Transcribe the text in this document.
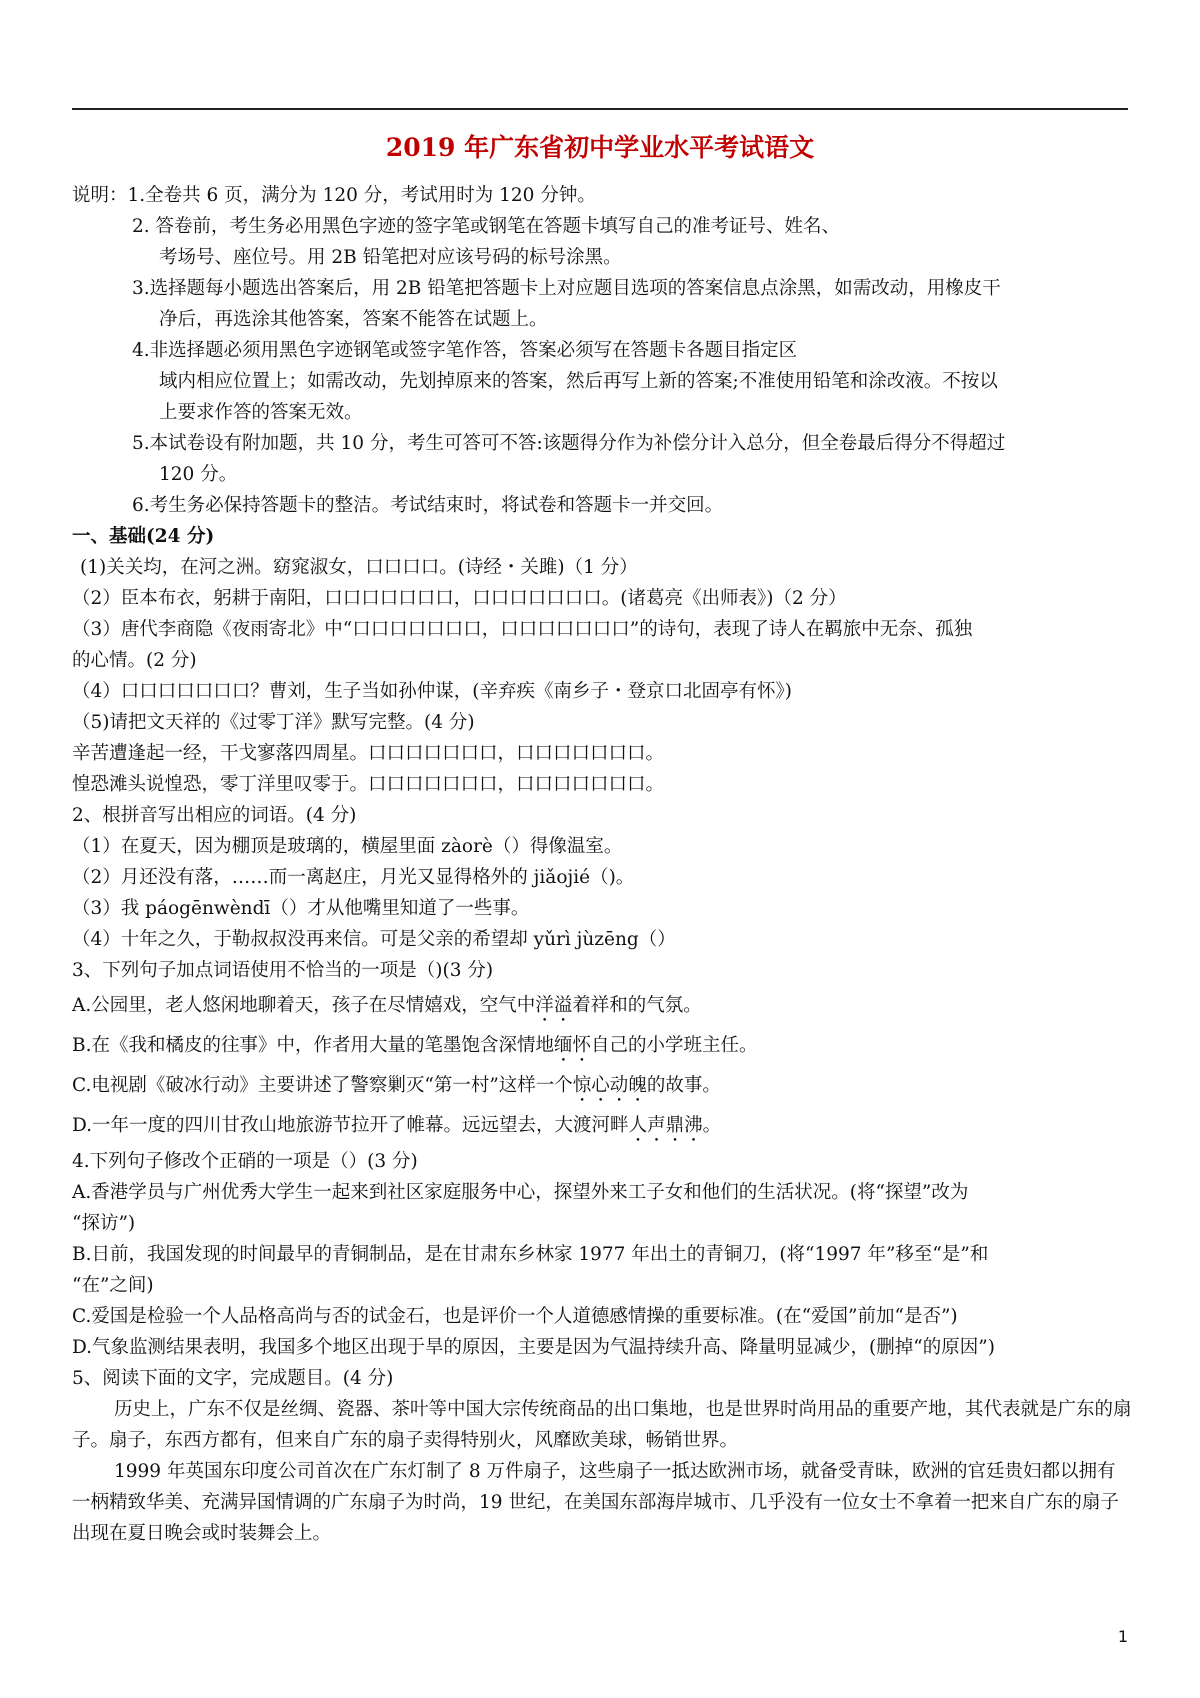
2019 年广东省初中学业水平考试语文
说明：1.全卷共 6 页，满分为 120 分，考试用时为 120 分钟。
2. 答卷前，考生务必用黑色字迹的签字笔或钢笔在答题卡填写自己的准考证号、姓名、
考场号、座位号。用 2B 铅笔把对应该号码的标号涂黑。
3.选择题每小题选出答案后，用 2B 铅笔把答题卡上对应题目选项的答案信息点涂黑，如需改动，用橡皮干
净后，再选涂其他答案，答案不能答在试题上。
4.非选择题必须用黑色字迹钢笔或签字笔作答，答案必须写在答题卡各题目指定区
域内相应位置上；如需改动，先划掉原来的答案，然后再写上新的答案;不准使用铅笔和涂改液。不按以
上要求作答的答案无效。
5.本试卷设有附加题，共 10 分，考生可答可不答:该题得分作为补偿分计入总分，但全卷最后得分不得超过
120 分。
6.考生务必保持答题卡的整洁。考试结束时，将试卷和答题卡一并交回。
一、基础(24 分)
(1)关关均，在河之洲。窈窕淑女，口口口口。(诗经・关雎)（1 分）
（2）臣本布衣，躬耕于南阳，口口口口口口口，口口口口口口口。(诸葛亮《出师表》)（2 分）
（3）唐代李商隐《夜雨寄北》中“口口口口口口口，口口口口口口口”的诗句，表现了诗人在羁旅中无奈、孤独
的心情。(2 分)
（4）口口口口口口口？曹刘，生子当如孙仲谋，(辛弃疾《南乡子・登京口北固亭有怀》)
（5)请把文天祥的《过零丁洋》默写完整。(4 分)
辛苦遭逢起一经，干戈寥落四周星。口口口口口口口，口口口口口口口。
惶恐滩头说惶恐，零丁洋里叹零于。口口口口口口口，口口口口口口口。
2、根拼音写出相应的词语。(4 分)
（1）在夏天，因为棚顶是玻璃的，横屋里面 zàorè（）得像温室。
（2）月还没有落，……而一离赵庄，月光又显得格外的 jiǎojié（)。
（3）我 páogēnwèndī（）才从他嘴里知道了一些事。
（4）十年之久，于勒叔叔没再来信。可是父亲的希望却 yǔrì jùzēng（）
3、下列句子加点词语使用不恰当的一项是（)(3 分)
A.公园里，老人悠闲地聊着天，孩子在尽情嬉戏，空气中洋溢着祥和的气氛。
B.在《我和橘皮的往事》中，作者用大量的笔墨饱含深情地缅怀自己的小学班主任。
C.电视剧《破冰行动》主要讲述了警察剿灭“第一村”这样一个惊心动魄的故事。
D.一年一度的四川甘孜山地旅游节拉开了帷幕。远远望去，大渡河畔人声鼎沸。
4.下列句子修改个正硝的一项是（）(3 分)
A.香港学员与广州优秀大学生一起来到社区家庭服务中心，探望外来工子女和他们的生活状况。(将“探望”改为
“探访”)
B.日前，我国发现的时间最早的青铜制品，是在甘肃东乡林家 1977 年出土的青铜刀，(将“1997 年”移至“是”和
“在”之间)
C.爱国是检验一个人品格高尚与否的试金石，也是评价一个人道德感情操的重要标准。(在“爱国”前加“是否”)
D.气象监测结果表明，我国多个地区出现于旱的原因，主要是因为气温持续升高、降量明显减少，(删掉“的原因”)
5、阅读下面的文字，完成题目。(4 分)
历史上，广东不仅是丝绸、瓷器、茶叶等中国大宗传统商品的出口集地，也是世界时尚用品的重要产地，其代表就是广东的扇子。扇子，东西方都有，但来自广东的扇子卖得特别火，风靡欧美球，畅销世界。
1999 年英国东印度公司首次在广东灯制了 8 万件扇子，这些扇子一抵达欧洲市场，就备受青昧，欧洲的官廷贵妇都以拥有一柄精致华美、充满异国情调的广东扇子为时尚，19 世纪，在美国东部海岸城市、几乎没有一位女士不拿着一把来自广东的扇子出现在夏日晚会或时装舞会上。
1
